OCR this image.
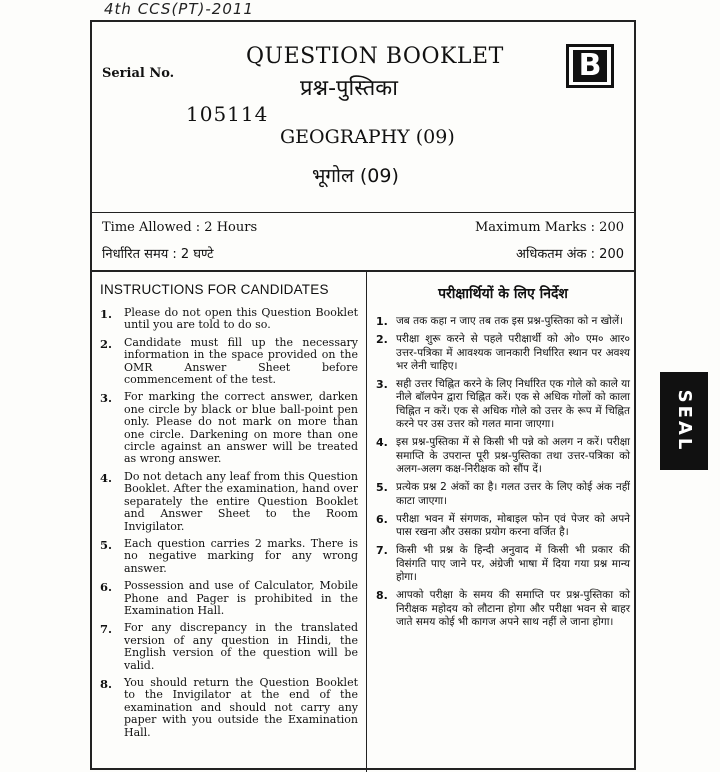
4th CCS(PT)-2011
Serial No.
QUESTION BOOKLET
प्रश्न-पुस्तिका
105114
GEOGRAPHY (09)
भूगोल (09)
B
Time Allowed : 2 Hours
निर्धारित समय : 2 घण्टे
Maximum Marks : 200
अधिकतम अंक : 200
INSTRUCTIONS FOR CANDIDATES
1.	Please do not open this Question Booklet until you are told to do so.
2.	Candidate must fill up the necessary information in the space provided on the OMR Answer Sheet before commencement of the test.
3.	For marking the correct answer, darken one circle by black or blue ball-point pen only. Please do not mark on more than one circle. Darkening on more than one circle against an answer will be treated as wrong answer.
4.	Do not detach any leaf from this Question Booklet. After the examination, hand over separately the entire Question Booklet and Answer Sheet to the Room Invigilator.
5.	Each question carries 2 marks. There is no negative marking for any wrong answer.
6.	Possession and use of Calculator, Mobile Phone and Pager is prohibited in the Examination Hall.
7.	For any discrepancy in the translated version of any question in Hindi, the English version of the question will be valid.
8.	You should return the Question Booklet to the Invigilator at the end of the examination and should not carry any paper with you outside the Examination Hall.
परीक्षार्थियों के लिए निर्देश
1. जब तक कहा न जाए तब तक इस प्रश्न-पुस्तिका को न खोलें।
2. परीक्षा शुरू करने से पहले परीक्षार्थी को ओ० एम० आर० उत्तर-पत्रिका में आवश्यक जानकारी निर्धारित स्थान पर अवश्य भर लेनी चाहिए।
3. सही उत्तर चिह्नित करने के लिए निर्धारित एक गोले को काले या नीले बॉलपेन द्वारा चिह्नित करें। एक से अधिक गोलों को काला चिह्नित न करें। एक से अधिक गोले को उत्तर के रूप में चिह्नित करने पर उस उत्तर को गलत माना जाएगा।
4. इस प्रश्न-पुस्तिका में से किसी भी पन्ने को अलग न करें। परीक्षा समाप्ति के उपरान्त पूरी प्रश्न-पुस्तिका तथा उत्तर-पत्रिका को अलग-अलग कक्ष-निरीक्षक को सौंप दें।
5. प्रत्येक प्रश्न 2 अंकों का है। गलत उत्तर के लिए कोई अंक नहीं काटा जाएगा।
6. परीक्षा भवन में संगणक, मोबाइल फोन एवं पेजर को अपने पास रखना और उसका प्रयोग करना वर्जित है।
7. किसी भी प्रश्न के हिन्दी अनुवाद में किसी भी प्रकार की विसंगति पाए जाने पर, अंग्रेजी भाषा में दिया गया प्रश्न मान्य होगा।
8. आपको परीक्षा के समय की समाप्ति पर प्रश्न-पुस्तिका को निरीक्षक महोदय को लौटाना होगा और परीक्षा भवन से बाहर जाते समय कोई भी कागज अपने साथ नहीं ले जाना होगा।
SEAL
